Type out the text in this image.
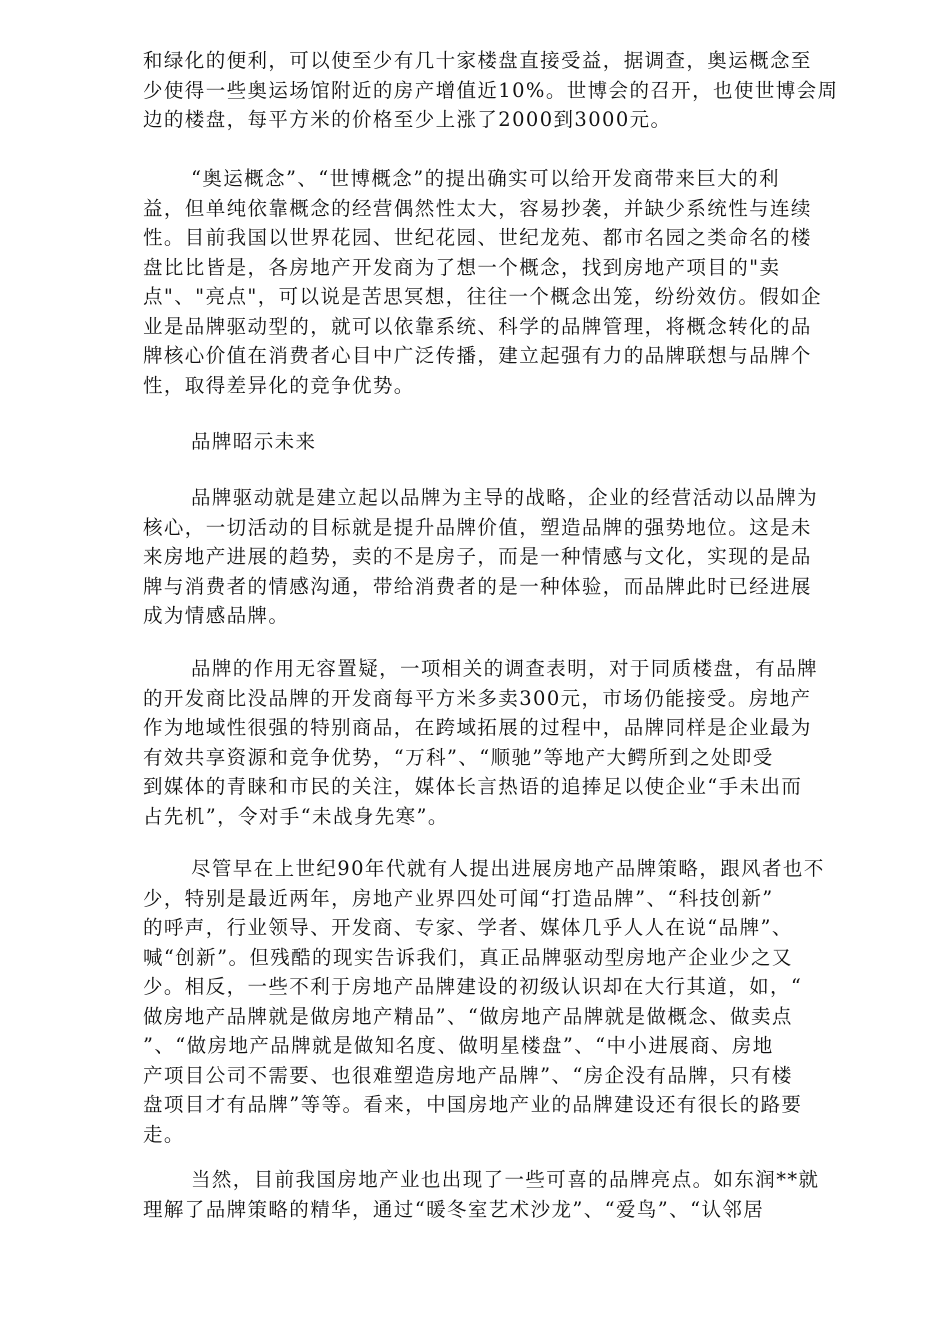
和绿化的便利，可以使至少有几十家楼盘直接受益，据调查，奥运概念至
少使得一些奥运场馆附近的房产增值近10%。世博会的召开，也使世博会周
边的楼盘，每平方米的价格至少上涨了2000到3000元。

“奥运概念”、“世博概念”的提出确实可以给开发商带来巨大的利
益，但单纯依靠概念的经营偶然性太大，容易抄袭，并缺少系统性与连续
性。目前我国以世界花园、世纪花园、世纪龙苑、都市名园之类命名的楼
盘比比皆是，各房地产开发商为了想一个概念，找到房地产项目的"卖
点"、"亮点"，可以说是苦思冥想，往往一个概念出笼，纷纷效仿。假如企
业是品牌驱动型的，就可以依靠系统、科学的品牌管理，将概念转化的品
牌核心价值在消费者心目中广泛传播，建立起强有力的品牌联想与品牌个
性，取得差异化的竞争优势。

品牌昭示未来

品牌驱动就是建立起以品牌为主导的战略，企业的经营活动以品牌为
核心，一切活动的目标就是提升品牌价值，塑造品牌的强势地位。这是未
来房地产进展的趋势，卖的不是房子，而是一种情感与文化，实现的是品
牌与消费者的情感沟通，带给消费者的是一种体验，而品牌此时已经进展
成为情感品牌。

品牌的作用无容置疑，一项相关的调查表明，对于同质楼盘，有品牌
的开发商比没品牌的开发商每平方米多卖300元，市场仍能接受。房地产
作为地域性很强的特别商品，在跨域拓展的过程中，品牌同样是企业最为
有效共享资源和竞争优势，“万科”、“顺驰”等地产大鳄所到之处即受
到媒体的青睐和市民的关注，媒体长言热语的追捧足以使企业“手未出而
占先机”，令对手“未战身先寒”。

尽管早在上世纪90年代就有人提出进展房地产品牌策略，跟风者也不
少，特别是最近两年，房地产业界四处可闻“打造品牌”、“科技创新”
的呼声，行业领导、开发商、专家、学者、媒体几乎人人在说“品牌”、
喊“创新”。但残酷的现实告诉我们，真正品牌驱动型房地产企业少之又
少。相反，一些不利于房地产品牌建设的初级认识却在大行其道，如，“
做房地产品牌就是做房地产精品”、“做房地产品牌就是做概念、做卖点
”、“做房地产品牌就是做知名度、做明星楼盘”、“中小进展商、房地
产项目公司不需要、也很难塑造房地产品牌”、“房企没有品牌，只有楼
盘项目才有品牌”等等。看来，中国房地产业的品牌建设还有很长的路要
走。

当然，目前我国房地产业也出现了一些可喜的品牌亮点。如东润**就
理解了品牌策略的精华，通过“暖冬室艺术沙龙”、“爱鸟”、“认邻居
